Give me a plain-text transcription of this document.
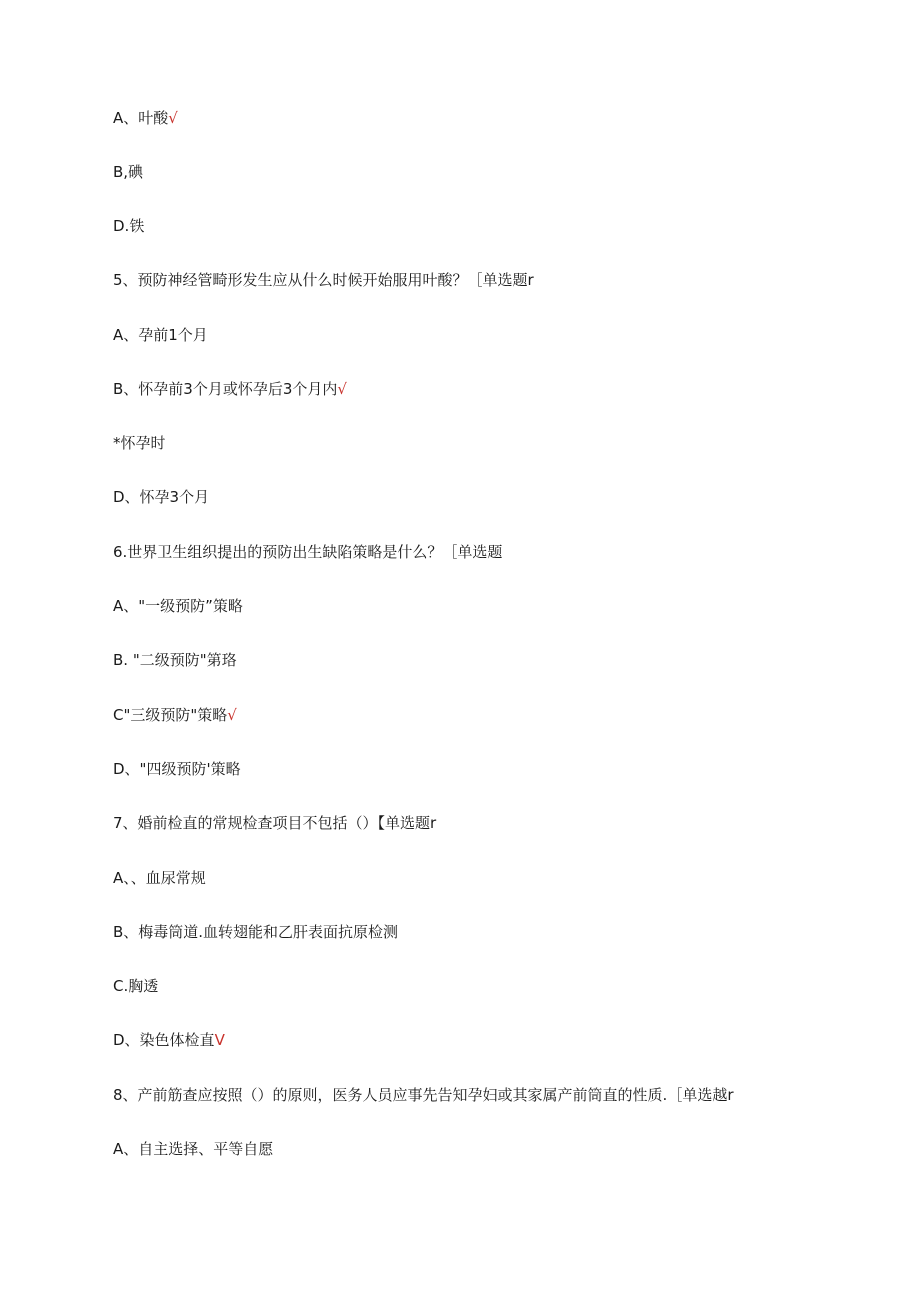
A、叶酸√
B,碘
D.铁
5、预防神经管畸形发生应从什么时候开始服用叶酸？［单选题r
A、孕前1个月
B、怀孕前3个月或怀孕后3个月内√
*怀孕时
D、怀孕3个月
6.世界卫生组织提出的预防出生缺陷策略是什么？［单选题
A、"一级预防”策略
B. "二级预防"第珞
C"三级预防"策略√
D、"四级预防'策略
7、婚前检直的常规检查项目不包括（）【单选题r
A、、血尿常规
B、梅毒筒道.血转翅能和乙肝表面抗原检测
C.胸透
D、染色体检直V
8、产前筋查应按照（）的原则，医务人员应事先告知孕妇或其家属产前筒直的性质.［单选越r
A、自主选择、平等自愿
